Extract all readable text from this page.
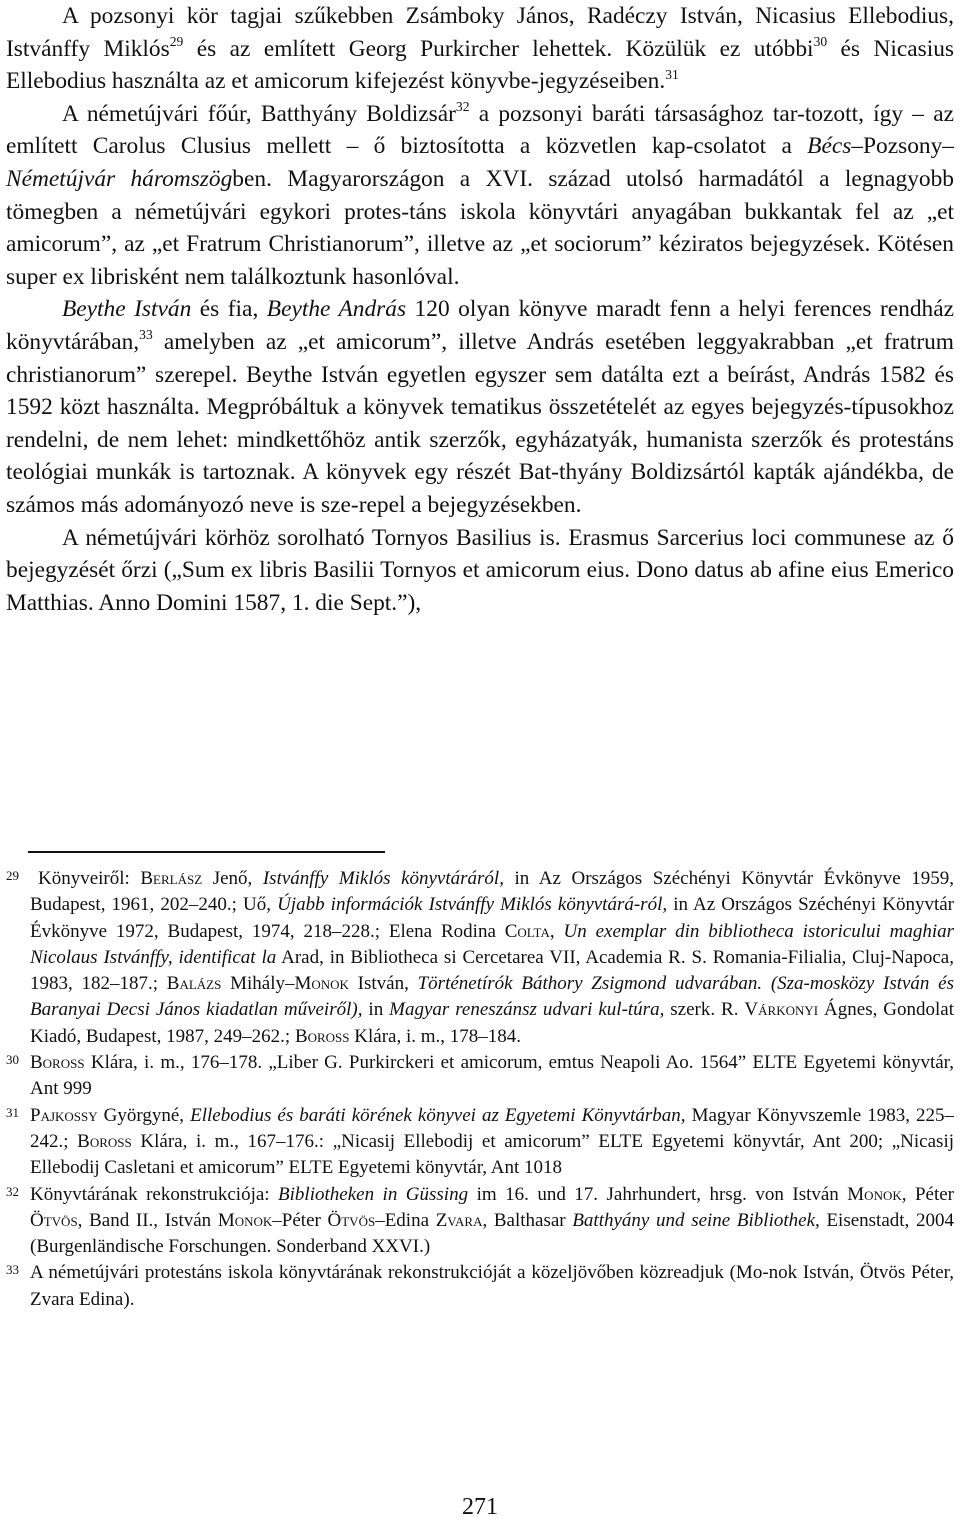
A pozsonyi kör tagjai szűkebben Zsámboky János, Radéczy István, Nicasius Ellebodius, Istvánffy Miklós$^{29}$ és az említett Georg Purkircher lehettek. Közülük ez utóbbi$^{30}$ és Nicasius Ellebodius használta az et amicorum kifejezést könyvbe-jegyzéseiben.$^{31}$

A németújvári főúr, Batthyány Boldizsár$^{32}$ a pozsonyi baráti társasághoz tar-tozott, így – az említett Carolus Clusius mellett – ő biztosította a közvetlen kap-csolatot a Bécs–Pozsony–Németújvár háromszögben. Magyarországon a XVI. század utolsó harmadától a legnagyobb tömegben a németújvári egykori protes-táns iskola könyvtári anyagában bukkantak fel az „et amicorum”, az „et Fratrum Christianorum”, illetve az „et sociorum” kéziratos bejegyzések. Kötésen super ex librisként nem találkoztunk hasonlóval.

Beythe István és fia, Beythe András 120 olyan könyve maradt fenn a helyi ferences rendház könyvtárában,$^{33}$ amelyben az „et amicorum”, illetve András esetében leggyakrabban „et fratrum christianorum” szerepel. Beythe István egyetlen egyszer sem datálta ezt a beírást, András 1582 és 1592 közt használta. Megpróbáltuk a könyvek tematikus összetételét az egyes bejegyzés-típusokhoz rendelni, de nem lehet: mindkettőhöz antik szerzők, egyházatyák, humanista szerzők és protestáns teológiai munkák is tartoznak. A könyvek egy részét Bat-thyány Boldizsártól kapták ajándékba, de számos más adományozó neve is sze-repel a bejegyzésekben.

A németújvári körhöz sorolható Tornyos Basilius is. Erasmus Sarcerius loci communese az ő bejegyzését őrzi („Sum ex libris Basilii Tornyos et amicorum eius. Dono datus ab afine eius Emerico Matthias. Anno Domini 1587, 1. die Sept.”),

29 Könyveiről: Berlász Jenő, Istvánffy Miklós könyvtáráról, in Az Országos Széchényi Könyvtár Évkönyve 1959, Budapest, 1961, 202–240.; Uő, Újabb információk Istvánffy Miklós könyvtárá-ról, in Az Országos Széchényi Könyvtár Évkönyve 1972, Budapest, 1974, 218–228.; Elena Rodina Colta, Un exemplar din bibliotheca istoricului maghiar Nicolaus Istvánffy, identificat la Arad, in Bibliotheca si Cercetarea VII, Academia R. S. Romania-Filialia, Cluj-Napoca, 1983, 182–187.; Balázs Mihály–Monok István, Történetírók Báthory Zsigmond udvarában. (Sza-mosközy István és Baranyai Decsi János kiadatlan műveiről), in Magyar reneszánsz udvari kul-túra, szerk. R. Várkonyi Ágnes, Gondolat Kiadó, Budapest, 1987, 249–262.; Boross Klára, i. m., 178–184.
30 Boross Klára, i. m., 176–178. „Liber G. Purkirckeri et amicorum, emtus Neapoli Ao. 1564” ELTE Egyetemi könyvtár, Ant 999
31 Pajkossy Györgyné, Ellebodius és baráti körének könyvei az Egyetemi Könyvtárban, Magyar Könyvszemle 1983, 225–242.; Boross Klára, i. m., 167–176.: „Nicasij Ellebodij et amicorum” ELTE Egyetemi könyvtár, Ant 200; „Nicasij Ellebodij Casletani et amicorum” ELTE Egyetemi könyvtár, Ant 1018
32 Könyvtárának rekonstrukciója: Bibliotheken in Güssing im 16. und 17. Jahrhundert, hrsg. von István Monok, Péter Ötvös, Band II., István Monok–Péter Ötvös–Edina Zvara, Balthasar Batthyány und seine Bibliothek, Eisenstadt, 2004 (Burgenländische Forschungen. Sonderband XXVI.)
33 A németújvári protestáns iskola könyvtárának rekonstrukcióját a közeljövőben közreadjuk (Mo-nok István, Ötvös Péter, Zvara Edina).
271
